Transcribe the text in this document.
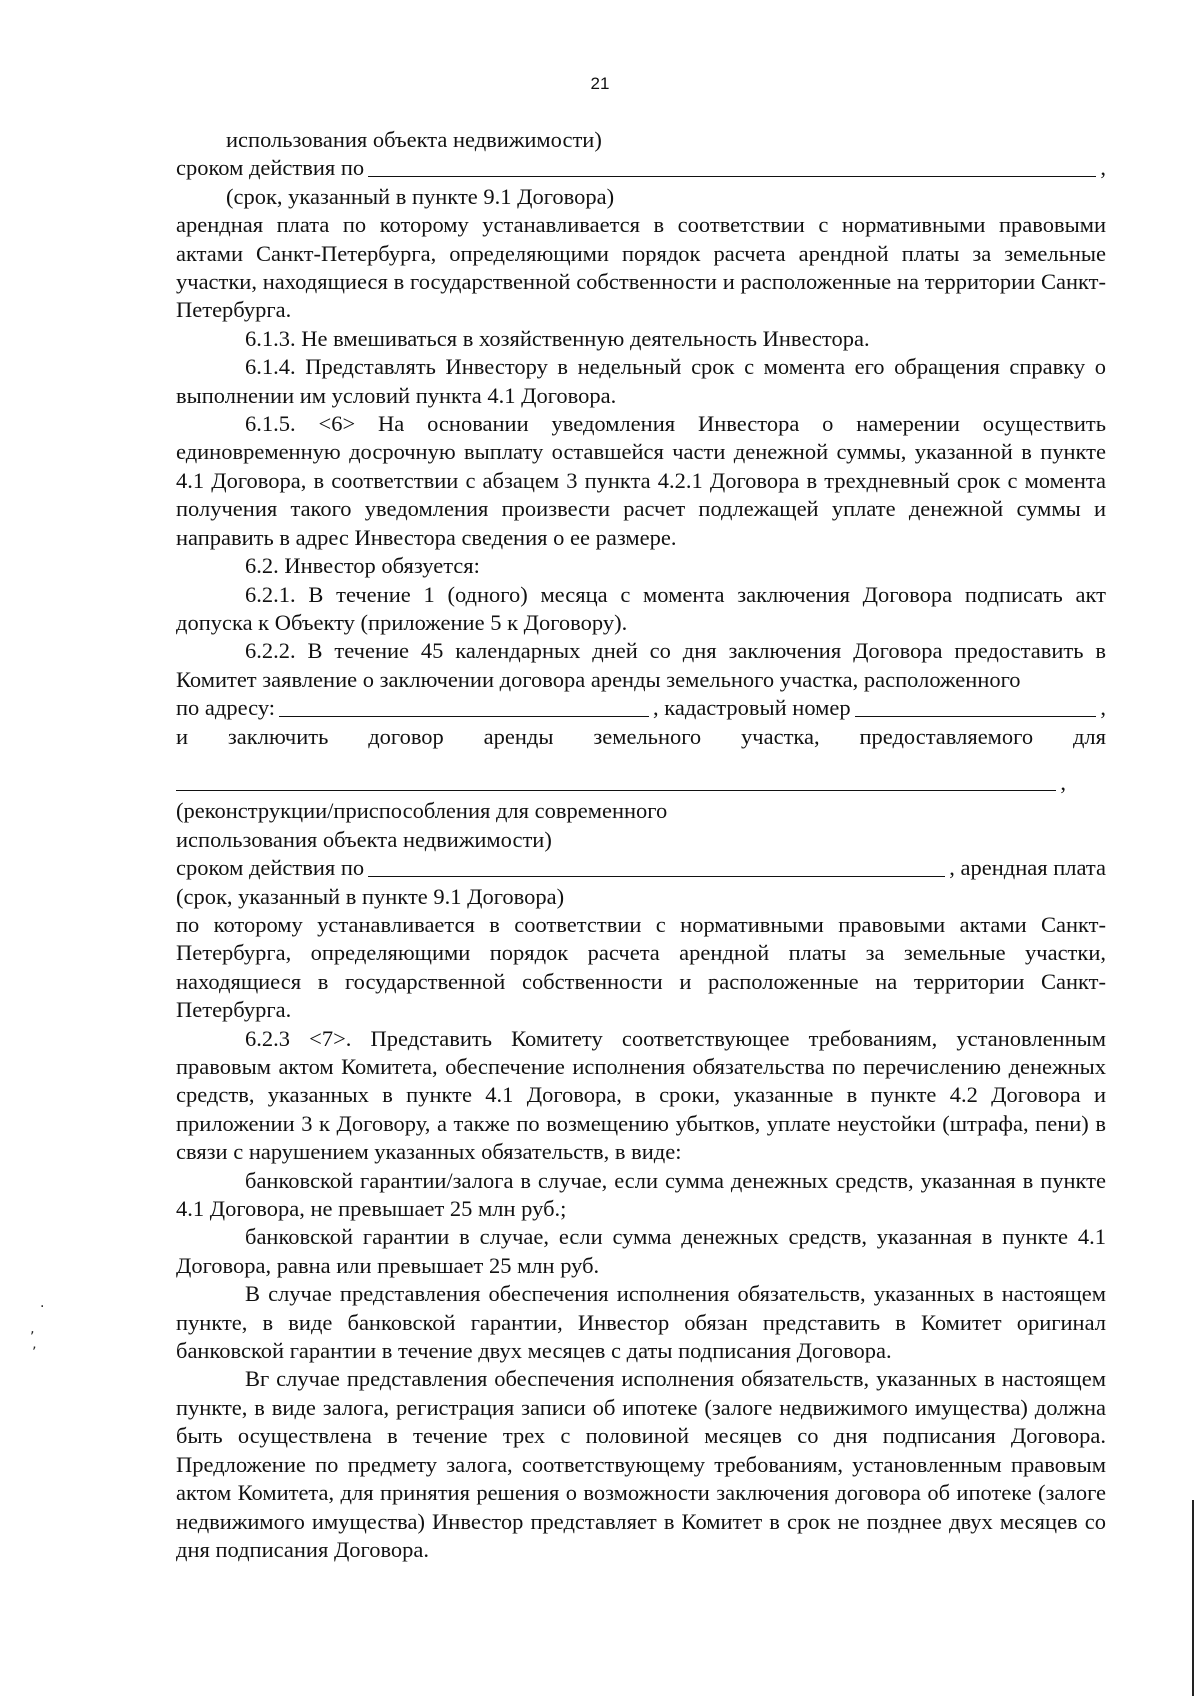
21
·
‚
’

использования объекта недвижимости)

сроком действия по	,

(срок, указанный в пункте 9.1 Договора)

арендная плата по которому устанавливается в соответствии с нормативными правовыми актами Санкт-Петербурга, определяющими порядок расчета арендной платы за земельные участки, находящиеся в государственной собственности и расположенные на территории Санкт-Петербурга.

6.1.3. Не вмешиваться в хозяйственную деятельность Инвестора.

6.1.4. Представлять Инвестору в недельный срок с момента его обращения справку о выполнении им условий пункта 4.1 Договора.

6.1.5. <6> На основании уведомления Инвестора о намерении осуществить единовременную досрочную выплату оставшейся части денежной суммы, указанной в пункте 4.1 Договора, в соответствии с абзацем 3 пункта 4.2.1 Договора в трехдневный срок с момента получения такого уведомления произвести расчет подлежащей уплате денежной суммы и направить в адрес Инвестора сведения о ее размере.

6.2. Инвестор обязуется:

6.2.1. В течение 1 (одного) месяца с момента заключения Договора подписать акт допуска к Объекту (приложение 5 к Договору).

6.2.2. В течение 45 календарных дней со дня заключения Договора предоставить в Комитет заявление о заключении договора аренды земельного участка, расположенного

по адресу:	, кадастровый номер	,
и заключить договор аренды земельного участка, предоставляемого для
,

(реконструкции/приспособления для современного

использования объекта недвижимости)

сроком действия по	, арендная плата

(срок, указанный в пункте 9.1 Договора)

по которому устанавливается в соответствии с нормативными правовыми актами Санкт-Петербурга, определяющими порядок расчета арендной платы за земельные участки, находящиеся в государственной собственности и расположенные на территории Санкт-Петербурга.

6.2.3 <7>. Представить Комитету соответствующее требованиям, установленным правовым актом Комитета, обеспечение исполнения обязательства по перечислению денежных средств, указанных в пункте 4.1 Договора, в сроки, указанные в пункте 4.2 Договора и приложении 3 к Договору, а также по возмещению убытков, уплате неустойки (штрафа, пени) в связи с нарушением указанных обязательств, в виде:

банковской гарантии/залога в случае, если сумма денежных средств, указанная в пункте 4.1 Договора, не превышает 25 млн руб.;

банковской гарантии в случае, если сумма денежных средств, указанная в пункте 4.1 Договора, равна или превышает 25 млн руб.

В случае представления обеспечения исполнения обязательств, указанных в настоящем пункте, в виде банковской гарантии, Инвестор обязан представить в Комитет оригинал банковской гарантии в течение двух месяцев с даты подписания Договора.

Вг случае представления обеспечения исполнения обязательств, указанных в настоящем пункте, в виде залога, регистрация записи об ипотеке (залоге недвижимого имущества) должна быть осуществлена в течение трех с половиной месяцев со дня подписания Договора. Предложение по предмету залога, соответствующему требованиям, установленным правовым актом Комитета, для принятия решения о возможности заключения договора об ипотеке (залоге недвижимого имущества) Инвестор представляет в Комитет в срок не позднее двух месяцев со дня подписания Договора.
